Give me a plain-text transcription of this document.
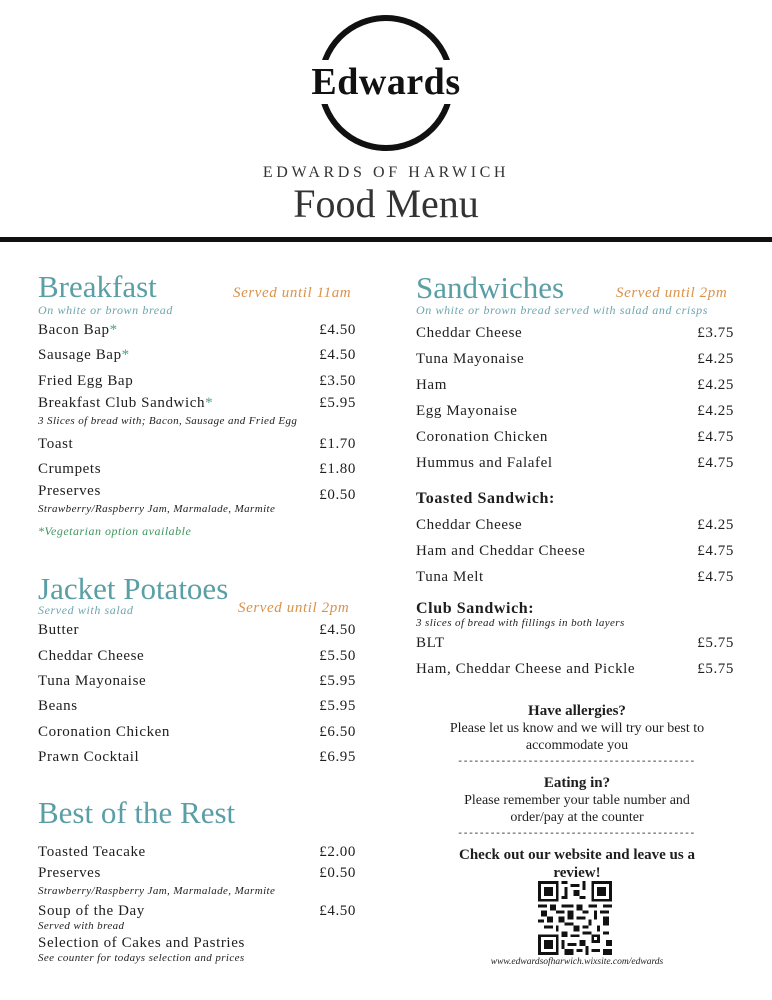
Edwards
EDWARDS OF HARWICH
Food Menu
Breakfast	Served until 11am
On white or brown bread
Bacon Bap*	£4.50
Sausage Bap*	£4.50
Fried Egg Bap	£3.50
Breakfast Club Sandwich*	£5.95
3 Slices of bread with; Bacon, Sausage and Fried Egg
Toast	£1.70
Crumpets	£1.80
Preserves	£0.50
Strawberry/Raspberry Jam, Marmalade, Marmite
*Vegetarian option available
Jacket Potatoes
Served with salad	Served until 2pm
Butter	£4.50
Cheddar Cheese	£5.50
Tuna Mayonaise	£5.95
Beans	£5.95
Coronation Chicken	£6.50
Prawn Cocktail	£6.95
Best of the Rest
Toasted Teacake	£2.00
Preserves	£0.50
Strawberry/Raspberry Jam, Marmalade, Marmite
Soup of the Day	£4.50
Served with bread
Selection of Cakes and Pastries
See counter for todays selection and prices
Sandwiches	Served until 2pm
On white or brown bread served with salad and crisps
Cheddar Cheese	£3.75
Tuna Mayonaise	£4.25
Ham	£4.25
Egg Mayonaise	£4.25
Coronation Chicken	£4.75
Hummus and Falafel	£4.75
Toasted Sandwich:
Cheddar Cheese	£4.25
Ham and Cheddar Cheese	£4.75
Tuna Melt	£4.75
Club Sandwich:
3 slices of bread with fillings in both layers
BLT	£5.75
Ham, Cheddar Cheese and Pickle	£5.75
Have allergies?
Please let us know and we will try our best to
accommodate you
--------------------------------------------
Eating in?
Please remember your table number and
order/pay at the counter
--------------------------------------------
Check out our website and leave us a
review!
www.edwardsofharwich.wixsite.com/edwards
